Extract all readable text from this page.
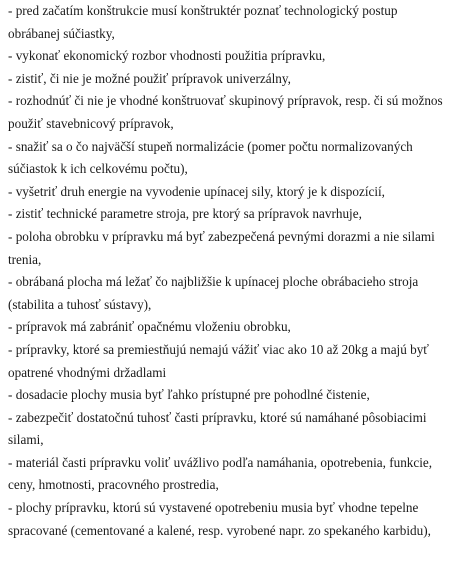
- pred začatím konštrukcie musí konštruktér poznať technologický postup
obrábanej súčiastky,
- vykonať ekonomický rozbor vhodnosti použitia prípravku,
- zistiť, či nie je možné použiť prípravok univerzálny,
- rozhodnúť či nie je vhodné konštruovať skupinový prípravok, resp. či sú možnos
použiť stavebnicový prípravok,
- snažiť sa o čo najväčší stupeň normalizácie (pomer počtu normalizovaných
súčiastok k ich celkovému počtu),
- vyšetriť druh energie na vyvodenie upínacej sily, ktorý je k dispozícií,
- zistiť technické parametre stroja, pre ktorý sa prípravok navrhuje,
- poloha obrobku v prípravku má byť zabezpečená pevnými dorazmi a nie silami
trenia,
- obrábaná plocha má ležať čo najbližšie k upínacej ploche obrábacieho stroja
(stabilita a tuhosť sústavy),
- prípravok má zabrániť opačnému vloženiu obrobku,
- prípravky, ktoré sa premiestňujú nemajú vážiť viac ako 10 až 20kg a majú byť
opatrené vhodnými držadlami
- dosadacie plochy musia byť ľahko prístupné pre pohodlné čistenie,
- zabezpečiť dostatočnú tuhosť časti prípravku, ktoré sú namáhané pôsobiacimi
silami,
- materiál časti prípravku voliť uvážlivo podľa namáhania, opotrebenia, funkcie,
ceny, hmotnosti, pracovného prostredia,
- plochy prípravku, ktorú sú vystavené opotrebeniu musia byť vhodne tepelne
spracované (cementované a kalené, resp. vyrobené napr. zo spekaného karbidu),
